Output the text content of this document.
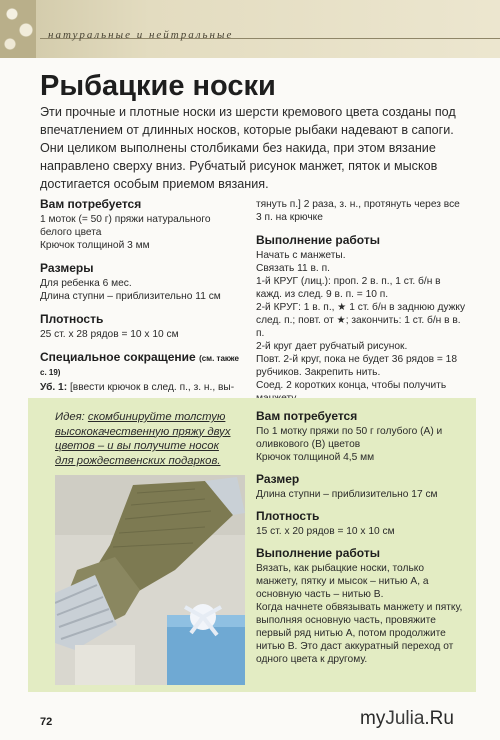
натуральные и нейтральные
Рыбацкие носки

Эти прочные и плотные носки из шерсти кремового цвета созданы под впечатлением от длинных носков, которые рыбаки надевают в сапоги. Они целиком выполнены столбиками без накида, при этом вязание направлено сверху вниз. Рубчатый рисунок манжет, пяток и мысков достигается особым приемом вязания.

Вам потребуется

1 моток (= 50 г) пряжи натурального белого цвета

Крючок толщиной 3 мм

Размеры

Для ребенка 6 мес.

Длина ступни – приблизительно 11 см

Плотность

25 ст. x 28 рядов = 10 x 10 см

Специальное сокращение (см. также с. 19)

Уб. 1: [ввести крючок в след. п., з. н., вы-

тянуть п.] 2 раза, з. н., протянуть через все 3 п. на крючке

Выполнение работы

Начать с манжеты.

Связать 11 в. п.

1-й КРУГ (лиц.): проп. 2 в. п., 1 ст. б/н в кажд. из след. 9 в. п. = 10 п.

2-й КРУГ: 1 в. п., ★ 1 ст. б/н в заднюю дужку след. п.; повт. от ★; закончить: 1 ст. б/н в в. п.

2-й круг дает рубчатый рисунок.

Повт. 2-й круг, пока не будет 36 рядов = 18 рубчиков. Закрепить нить.

Соед. 2 коротких конца, чтобы получить

Идея: скомбинируйте толстую высококачественную пряжу двух цветов – и вы получите носок для рождественских подарков.
Вам потребуется

По 1 мотку пряжи по 50 г голубого (А) и оливкового (В) цветов

Крючок толщиной 4,5 мм

Размер

Длина ступни – приблизительно 17 см

Плотность

15 ст. x 20 рядов = 10 x 10 см

Выполнение работы

Вязать, как рыбацкие носки, только манжету, пятку и мысок – нитью А, а основную часть – нитью В.

Когда начнете обвязывать манжету и пятку, выполняя основную часть, провяжите первый ряд нитью А, потом продолжите нитью В. Это даст аккуратный переход от одного цвета к другому.

72	myJulia.Ru
